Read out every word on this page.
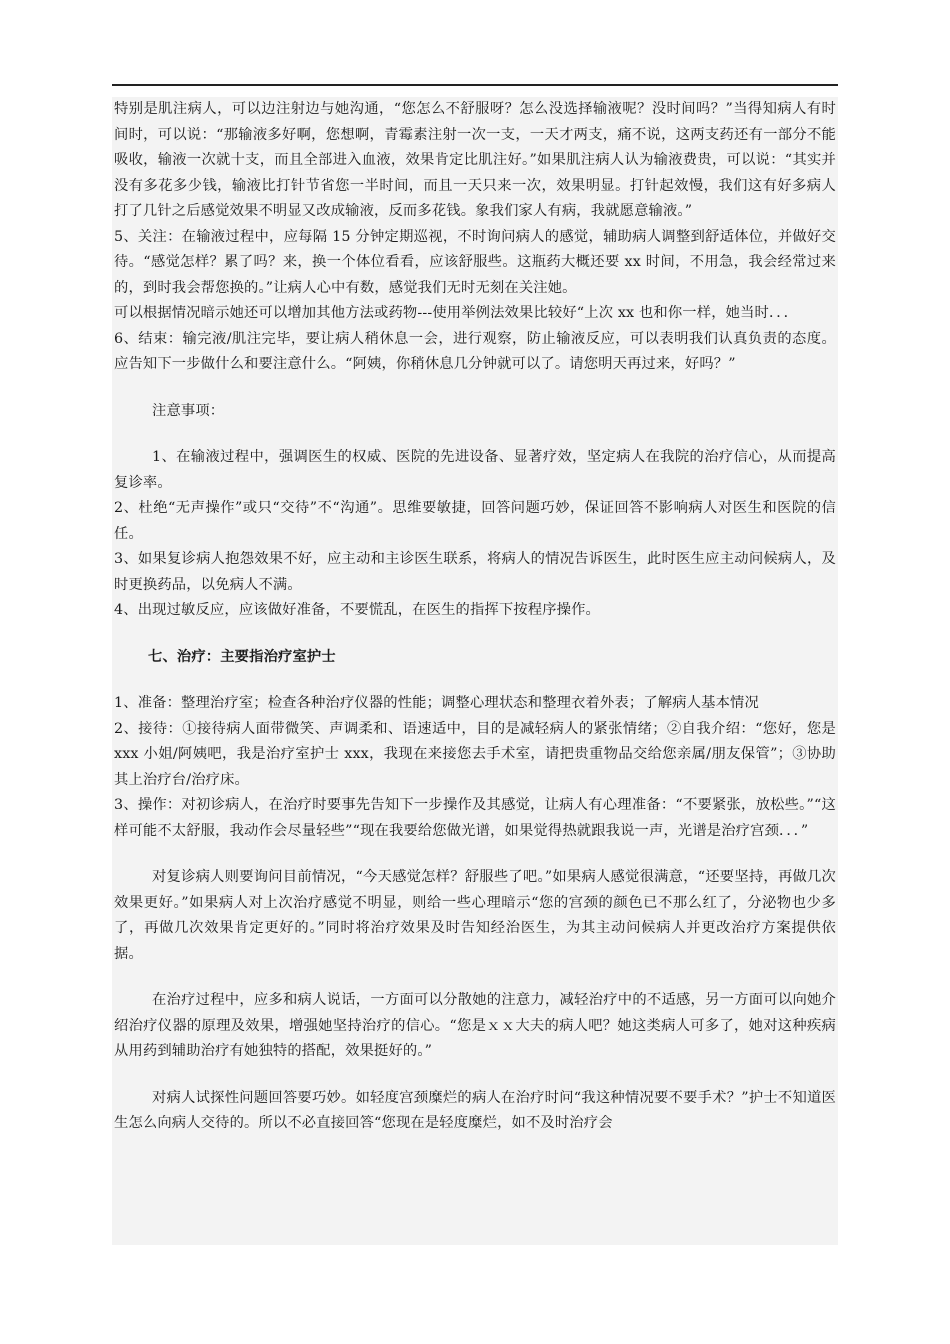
特别是肌注病人，可以边注射边与她沟通，“您怎么不舒服呀？怎么没选择输液呢？没时间吗？”当得知病人有时间时，可以说：“那输液多好啊，您想啊，青霉素注射一次一支，一天才两支，痛不说，这两支药还有一部分不能吸收，输液一次就十支，而且全部进入血液，效果肯定比肌注好。”如果肌注病人认为输液费贵，可以说：“其实并没有多花多少钱，输液比打针节省您一半时间，而且一天只来一次，效果明显。打针起效慢，我们这有好多病人打了几针之后感觉效果不明显又改成输液，反而多花钱。象我们家人有病，我就愿意输液。”

5、关注：在输液过程中，应每隔 15 分钟定期巡视，不时询问病人的感觉，辅助病人调整到舒适体位，并做好交待。“感觉怎样？累了吗？来，换一个体位看看，应该舒服些。这瓶药大概还要 xx 时间，不用急，我会经常过来的，到时我会帮您换的。”让病人心中有数，感觉我们无时无刻在关注她。

可以根据情况暗示她还可以增加其他方法或药物---使用举例法效果比较好“上次 xx 也和你一样，她当时．．．

6、结束：输完液/肌注完毕，要让病人稍休息一会，进行观察，防止输液反应，可以表明我们认真负责的态度。应告知下一步做什么和要注意什么。“阿姨，你稍休息几分钟就可以了。请您明天再过来，好吗？”

注意事项：

1、在输液过程中，强调医生的权威、医院的先进设备、显著疗效，坚定病人在我院的治疗信心，从而提高复诊率。

2、杜绝“无声操作”或只“交待”不“沟通”。思维要敏捷，回答问题巧妙，保证回答不影响病人对医生和医院的信任。

3、如果复诊病人抱怨效果不好，应主动和主诊医生联系，将病人的情况告诉医生，此时医生应主动问候病人，及时更换药品，以免病人不满。

4、出现过敏反应，应该做好准备，不要慌乱，在医生的指挥下按程序操作。

七、治疗：主要指治疗室护士

1、准备：整理治疗室；检查各种治疗仪器的性能；调整心理状态和整理衣着外表；了解病人基本情况

2、接待：①接待病人面带微笑、声调柔和、语速适中，目的是减轻病人的紧张情绪；②自我介绍：“您好，您是 xxx 小姐/阿姨吧，我是治疗室护士 xxx，我现在来接您去手术室，请把贵重物品交给您亲属/朋友保管”；③协助其上治疗台/治疗床。

3、操作：对初诊病人，在治疗时要事先告知下一步操作及其感觉，让病人有心理准备：“不要紧张，放松些。”“这样可能不太舒服，我动作会尽量轻些”“现在我要给您做光谱，如果觉得热就跟我说一声，光谱是治疗宫颈．．．”

对复诊病人则要询问目前情况，“今天感觉怎样？舒服些了吧。”如果病人感觉很满意，“还要坚持，再做几次效果更好。”如果病人对上次治疗感觉不明显，则给一些心理暗示“您的宫颈的颜色已不那么红了，分泌物也少多了，再做几次效果肯定更好的。”同时将治疗效果及时告知经治医生，为其主动问候病人并更改治疗方案提供依据。

在治疗过程中，应多和病人说话，一方面可以分散她的注意力，减轻治疗中的不适感，另一方面可以向她介绍治疗仪器的原理及效果，增强她坚持治疗的信心。“您是ｘｘ大夫的病人吧？她这类病人可多了，她对这种疾病从用药到辅助治疗有她独特的搭配，效果挺好的。”

对病人试探性问题回答要巧妙。如轻度宫颈糜烂的病人在治疗时问“我这种情况要不要手术？”护士不知道医生怎么向病人交待的。所以不必直接回答“您现在是轻度糜烂，如不及时治疗会
